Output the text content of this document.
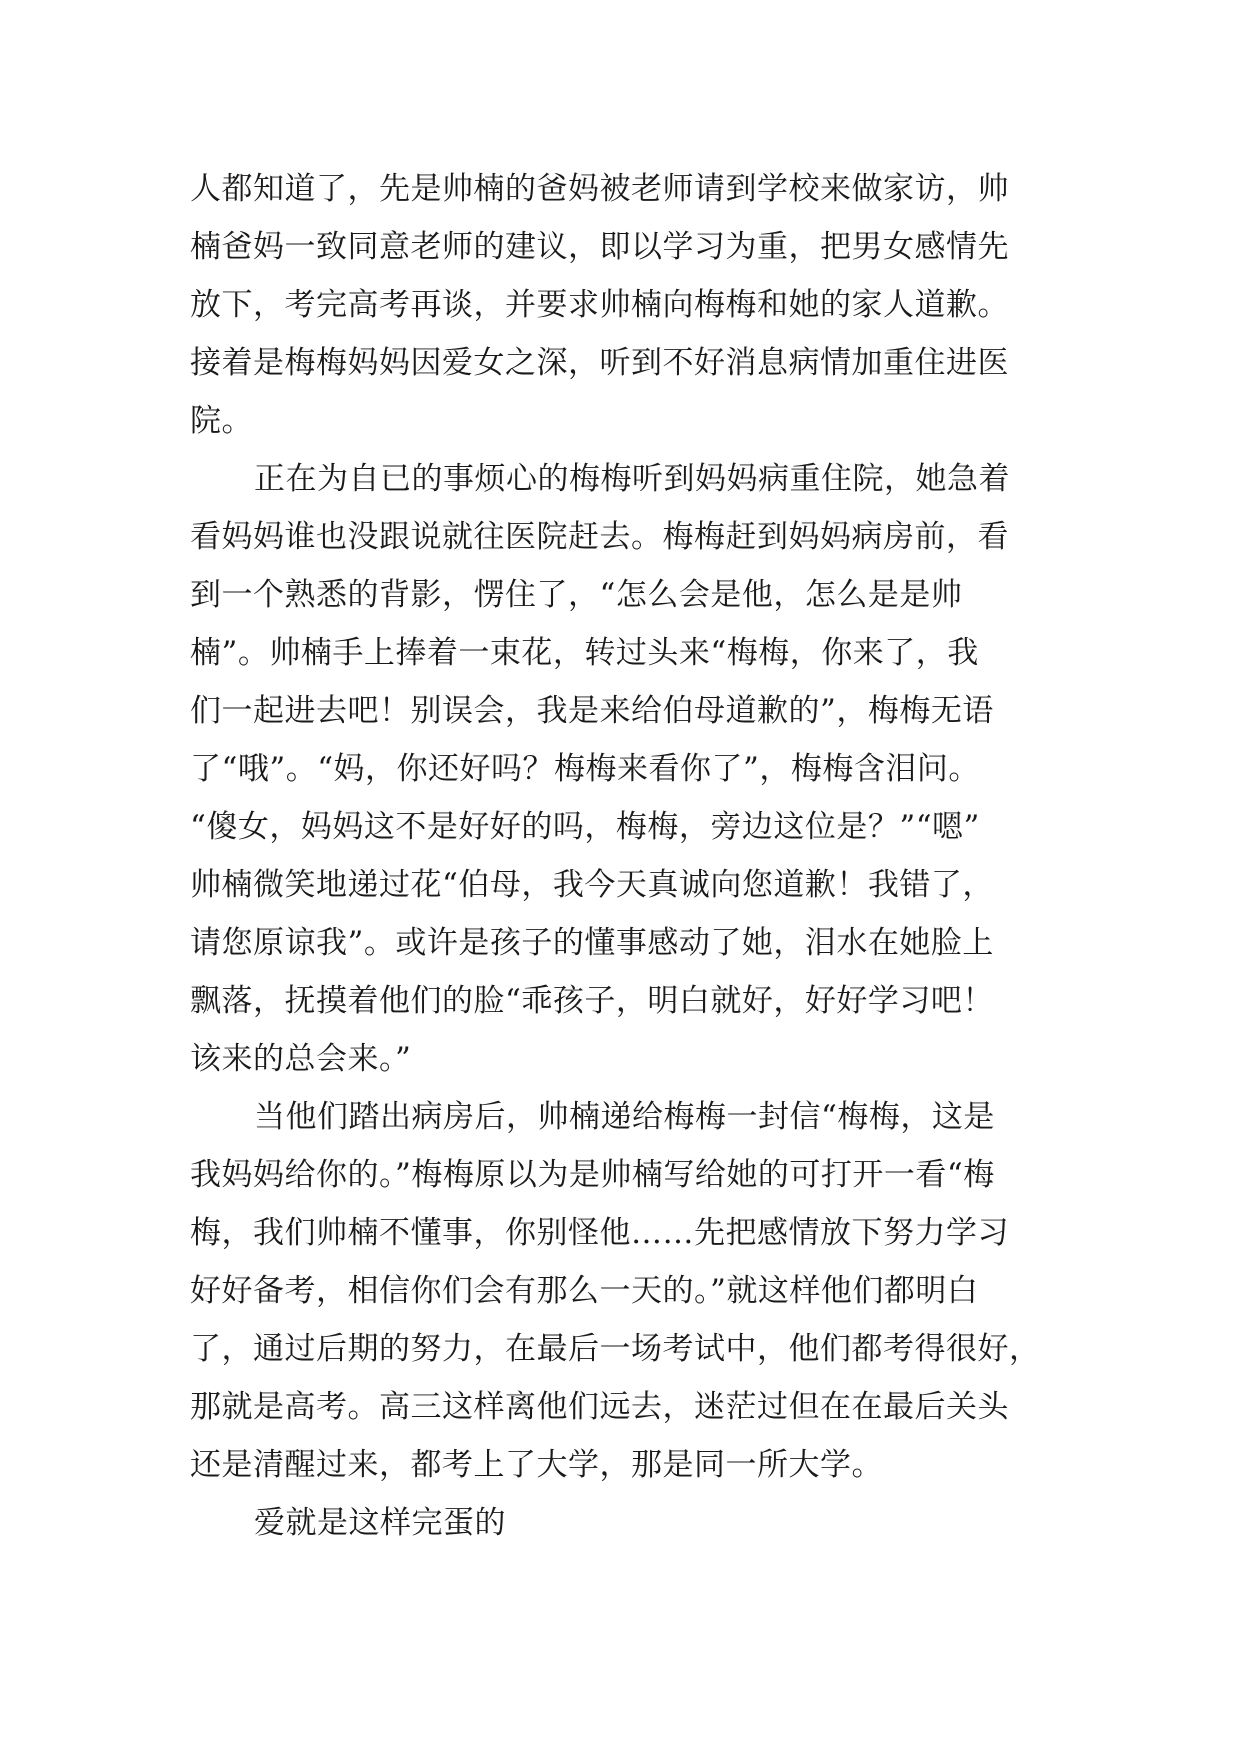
人都知道了，先是帅楠的爸妈被老师请到学校来做家访，帅
楠爸妈一致同意老师的建议，即以学习为重，把男女感情先
放下，考完高考再谈，并要求帅楠向梅梅和她的家人道歉。
接着是梅梅妈妈因爱女之深，听到不好消息病情加重住进医
院。
正在为自已的事烦心的梅梅听到妈妈病重住院，她急着
看妈妈谁也没跟说就往医院赶去。梅梅赶到妈妈病房前，看
到一个熟悉的背影，愣住了，“怎么会是他，怎么是是帅
楠”。帅楠手上捧着一束花，转过头来“梅梅，你来了，我
们一起进去吧！别误会，我是来给伯母道歉的”，梅梅无语
了“哦”。“妈，你还好吗？梅梅来看你了”，梅梅含泪问。
“傻女，妈妈这不是好好的吗，梅梅，旁边这位是？”“嗯”
帅楠微笑地递过花“伯母，我今天真诚向您道歉！我错了，
请您原谅我”。或许是孩子的懂事感动了她，泪水在她脸上
飘落，抚摸着他们的脸“乖孩子，明白就好，好好学习吧！
该来的总会来。”
当他们踏出病房后，帅楠递给梅梅一封信“梅梅，这是
我妈妈给你的。”梅梅原以为是帅楠写给她的可打开一看“梅
梅，我们帅楠不懂事，你别怪他……先把感情放下努力学习
好好备考，相信你们会有那么一天的。”就这样他们都明白
了，通过后期的努力，在最后一场考试中，他们都考得很好，
那就是高考。高三这样离他们远去，迷茫过但在在最后关头
还是清醒过来，都考上了大学，那是同一所大学。
爱就是这样完蛋的
